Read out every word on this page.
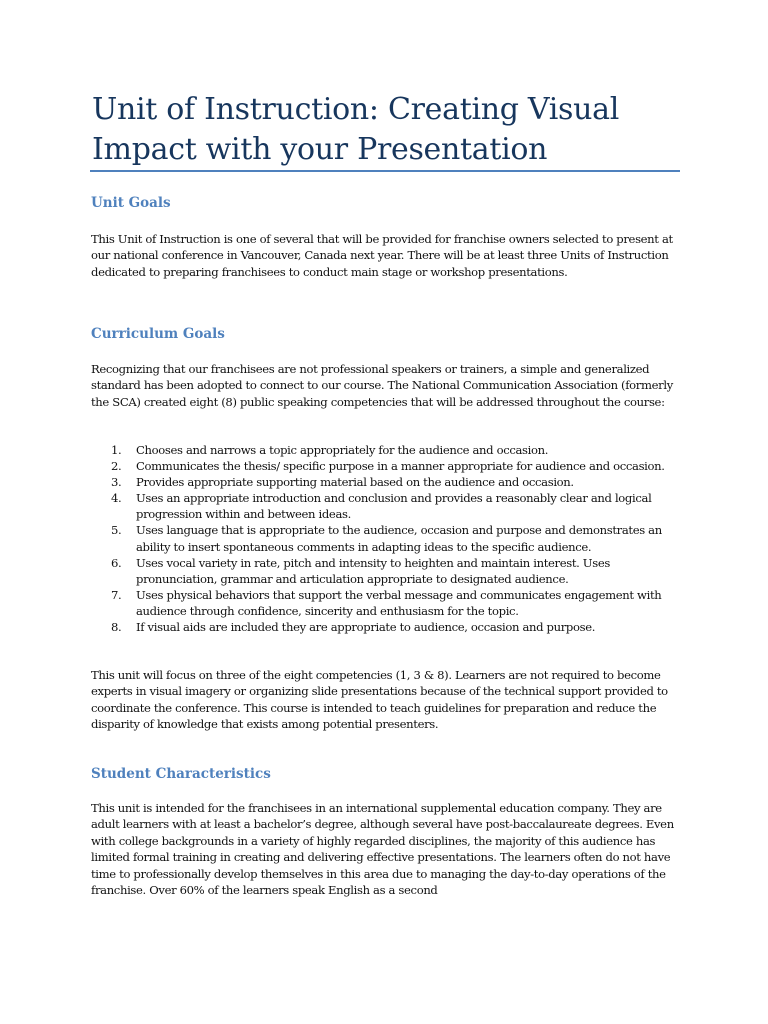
Unit of Instruction: Creating Visual
Impact with your Presentation
Unit Goals

This Unit of Instruction is one of several that will be provided for franchise owners selected to present at our national conference in Vancouver, Canada next year. There will be at least three Units of Instruction dedicated to preparing franchisees to conduct main stage or workshop presentations.

Curriculum Goals

Recognizing that our franchisees are not professional speakers or trainers, a simple and generalized standard has been adopted to connect to our course. The National Communication Association (formerly the SCA) created eight (8) public speaking competencies that will be addressed throughout the course:

1. Chooses and narrows a topic appropriately for the audience and occasion.
2. Communicates the thesis/ specific purpose in a manner appropriate for audience and occasion.
3. Provides appropriate supporting material based on the audience and occasion.
4. Uses an appropriate introduction and conclusion and provides a reasonably clear and logical progression within and between ideas.
5. Uses language that is appropriate to the audience, occasion and purpose and demonstrates an ability to insert spontaneous comments in adapting ideas to the specific audience.
6. Uses vocal variety in rate, pitch and intensity to heighten and maintain interest. Uses pronunciation, grammar and articulation appropriate to designated audience.
7. Uses physical behaviors that support the verbal message and communicates engagement with audience through confidence, sincerity and enthusiasm for the topic.
8. If visual aids are included they are appropriate to audience, occasion and purpose.

This unit will focus on three of the eight competencies (1, 3 & 8). Learners are not required to become experts in visual imagery or organizing slide presentations because of the technical support provided to coordinate the conference. This course is intended to teach guidelines for preparation and reduce the disparity of knowledge that exists among potential presenters.

Student Characteristics

This unit is intended for the franchisees in an international supplemental education company. They are adult learners with at least a bachelor’s degree, although several have post-baccalaureate degrees. Even with college backgrounds in a variety of highly regarded disciplines, the majority of this audience has limited formal training in creating and delivering effective presentations. The learners often do not have time to professionally develop themselves in this area due to managing the day-to-day operations of the franchise. Over 60% of the learners speak English as a second
